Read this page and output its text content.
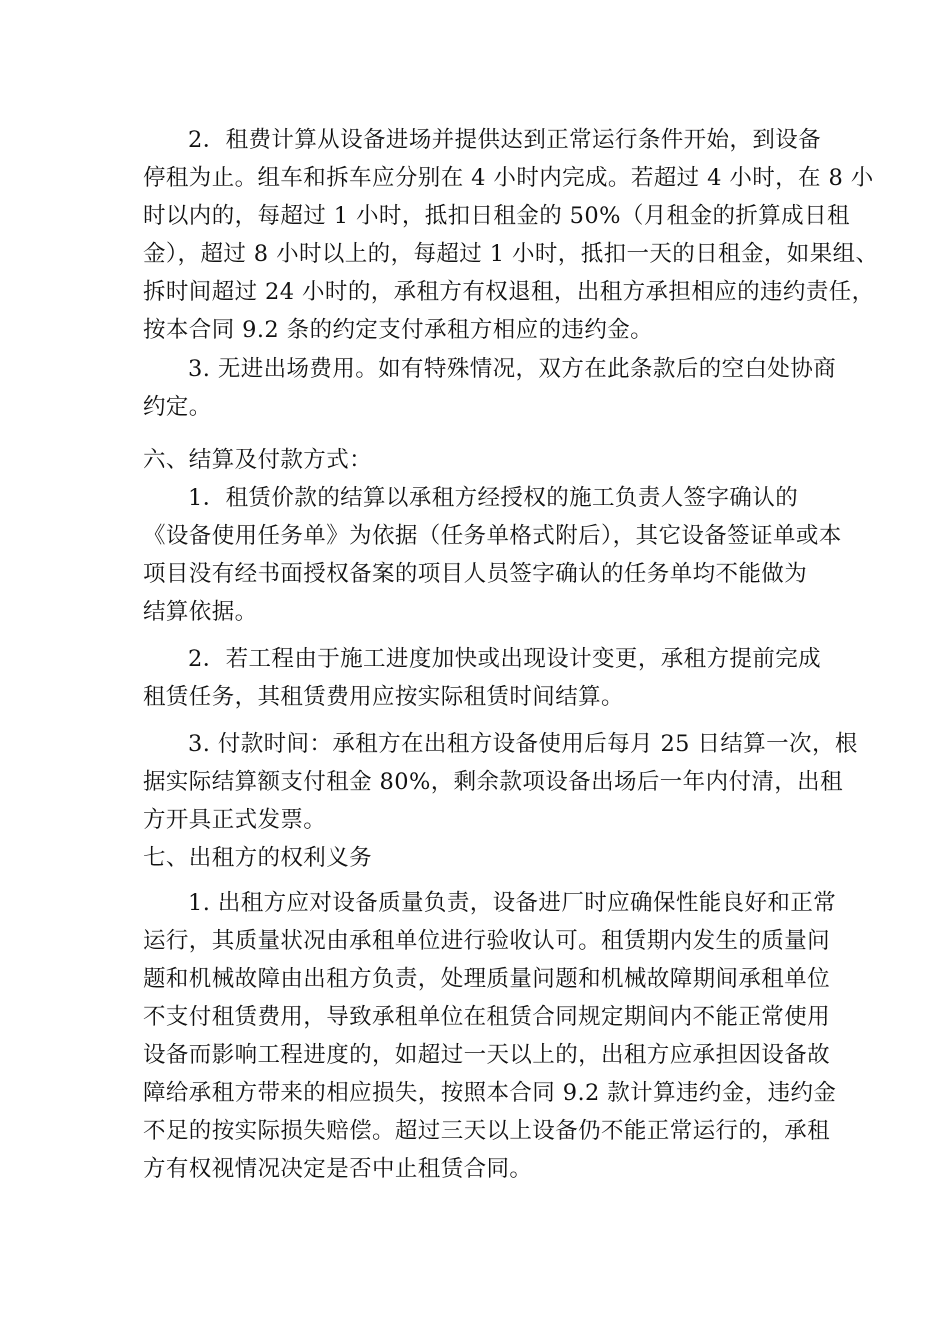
2．租费计算从设备进场并提供达到正常运行条件开始，到设备
停租为止。组车和拆车应分别在 4 小时内完成。若超过 4 小时，在 8 小
时以内的，每超过 1 小时，抵扣日租金的 50%（月租金的折算成日租
金），超过 8 小时以上的，每超过 1 小时，抵扣一天的日租金，如果组、
拆时间超过 24 小时的，承租方有权退租，出租方承担相应的违约责任，
按本合同 9.2 条的约定支付承租方相应的违约金。
3. 无进出场费用。如有特殊情况，双方在此条款后的空白处协商
约定。
六、结算及付款方式：
1．租赁价款的结算以承租方经授权的施工负责人签字确认的
《设备使用任务单》为依据（任务单格式附后），其它设备签证单或本
项目没有经书面授权备案的项目人员签字确认的任务单均不能做为
结算依据。
2．若工程由于施工进度加快或出现设计变更，承租方提前完成
租赁任务，其租赁费用应按实际租赁时间结算。
3. 付款时间：承租方在出租方设备使用后每月 25 日结算一次，根
据实际结算额支付租金 80%，剩余款项设备出场后一年内付清，出租
方开具正式发票。
七、出租方的权利义务
1. 出租方应对设备质量负责，设备进厂时应确保性能良好和正常
运行，其质量状况由承租单位进行验收认可。租赁期内发生的质量问
题和机械故障由出租方负责，处理质量问题和机械故障期间承租单位
不支付租赁费用，导致承租单位在租赁合同规定期间内不能正常使用
设备而影响工程进度的，如超过一天以上的，出租方应承担因设备故
障给承租方带来的相应损失，按照本合同 9.2 款计算违约金，违约金
不足的按实际损失赔偿。超过三天以上设备仍不能正常运行的，承租
方有权视情况决定是否中止租赁合同。
